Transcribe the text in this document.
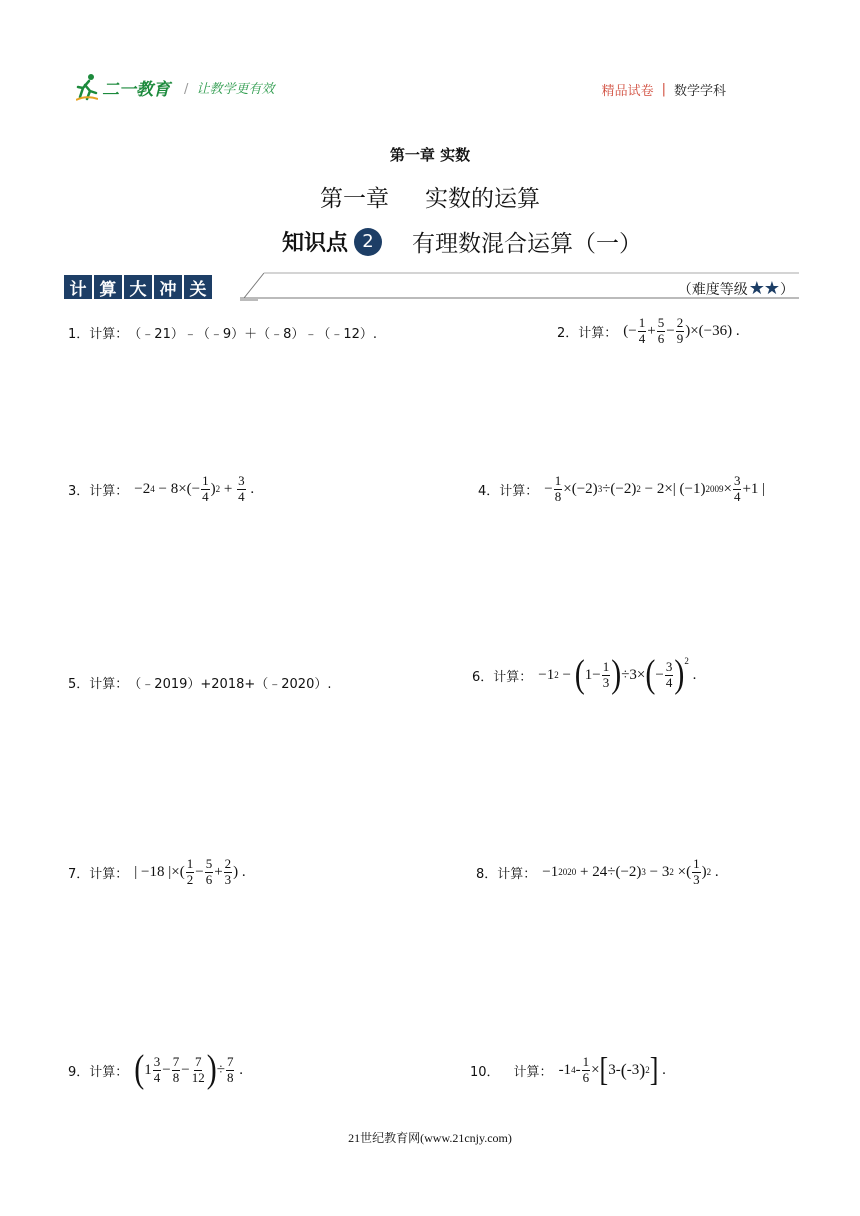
二一教育	/ 让教学更有效	精品试卷 | 数学学科
第一章 实数
第一章 实数的运算
知识点 2	有理数混合运算（一）
计 算 大 冲 关	（难度等级 ★★ ）
1． 计算： （﹣21）﹣（﹣9）＋（﹣8）﹣（﹣12）.	2． 计算： (− $\frac{1}{4} + \frac{5}{6} - \frac{2}{9} )\times(-36)$ .
3． 计算： −2 $4 - 8\times(- \frac{1}{4}$ ) $2 + \frac{3}{4}$ .	4． 计算： − $\frac{1}{8} \times(-2)$ 3 ÷(−2) 2 − 2×| (−1) $2009 \times \frac{3}{4} +1$ |
5． 计算： （﹣2019）+2018+（﹣2020）.	6． 计算： −1 2 − ( $1- \frac{1}{3}$ ) ÷3× ( − $\frac{3}{4} )^2$
.
7． 计算： | −18 |×( $\frac{1}{2} - \frac{5}{6} + \frac{2}{3}$ ) .	8． 计算： −1 2020 + 24÷(−2) 3 − 3 2 ×( $\frac{1}{3}$ ) 2 .
9． 计算： ( $1 \frac{3}{4} - \frac{7}{8} - \frac{7}{12}$ ) ÷ $\frac{7}{8}$ .	10． 计算： -1 $4 - \frac{1}{6}$ × [ 3- ( -3 ) 2 ] .
21世纪教育网(www.21cnjy.com)
